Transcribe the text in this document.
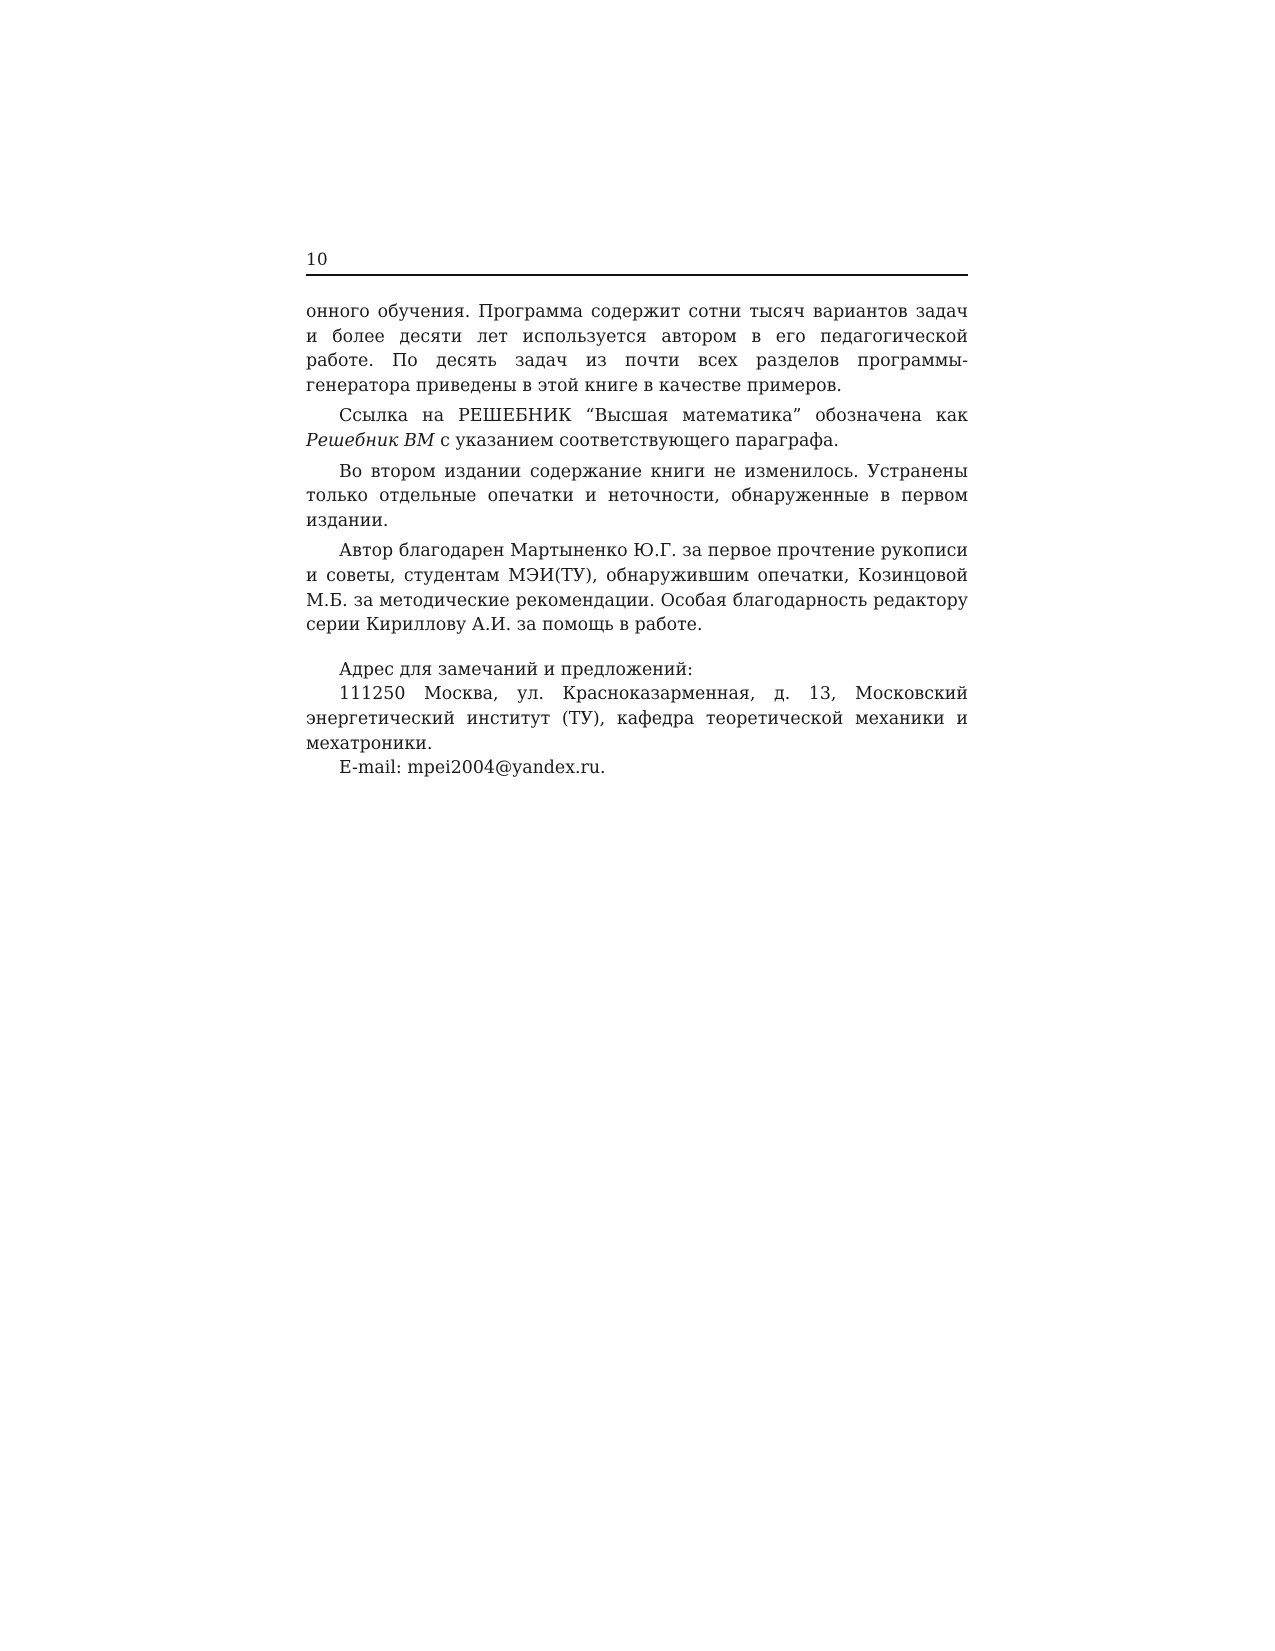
10

онного обучения. Программа содержит сотни тысяч вариантов задач и более десяти лет используется автором в его педагогической работе. По десять задач из почти всех разделов программы-генератора приведены в этой книге в качестве примеров.

Ссылка на РЕШЕБНИК “Высшая математика” обозначена как Решебник ВМ с указанием соответствующего параграфа.

Во втором издании содержание книги не изменилось. Устранены только отдельные опечатки и неточности, обнаруженные в первом издании.

Автор благодарен Мартыненко Ю.Г. за первое прочтение рукописи и советы, студентам МЭИ(ТУ), обнаружившим опечатки, Козинцовой М.Б. за методические рекомендации. Особая благодарность редактору серии Кириллову А.И. за помощь в работе.

Адрес для замечаний и предложений:

111250 Москва, ул. Красноказарменная, д. 13, Московский энергетический институт (ТУ), кафедра теоретической механики и мехатроники.

E-mail: mpei2004@yandex.ru.
